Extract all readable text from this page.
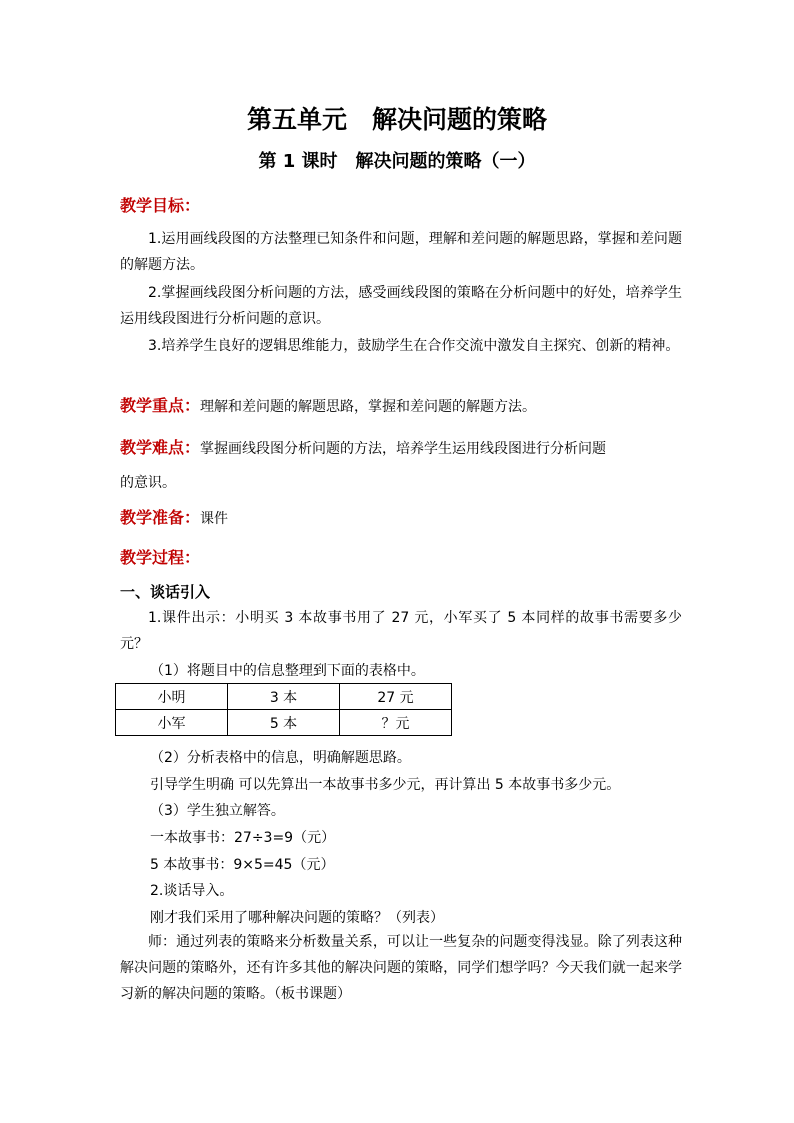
第五单元　解决问题的策略
第 1 课时　解决问题的策略（一）
教学目标：
1.运用画线段图的方法整理已知条件和问题，理解和差问题的解题思路，掌握和差问题的解题方法。
2.掌握画线段图分析问题的方法，感受画线段图的策略在分析问题中的好处，培养学生运用线段图进行分析问题的意识。
3.培养学生良好的逻辑思维能力，鼓励学生在合作交流中激发自主探究、创新的精神。
教学重点：理解和差问题的解题思路，掌握和差问题的解题方法。
教学难点：掌握画线段图分析问题的方法，培养学生运用线段图进行分析问题
的意识。
教学准备：课件
教学过程：
一、谈话引入
1.课件出示：小明买 3 本故事书用了 27 元，小军买了 5 本同样的故事书需要多少元？
（1）将题目中的信息整理到下面的表格中。
小明	3 本	27 元
小军	5 本	？元
（2）分析表格中的信息，明确解题思路。
引导学生明确 可以先算出一本故事书多少元，再计算出 5 本故事书多少元。
（3）学生独立解答。
一本故事书：27÷3=9（元）
5 本故事书：9×5=45（元）
2.谈话导入。
刚才我们采用了哪种解决问题的策略？（列表）
师：通过列表的策略来分析数量关系，可以让一些复杂的问题变得浅显。除了列表这种解决问题的策略外，还有许多其他的解决问题的策略，同学们想学吗？今天我们就一起来学习新的解决问题的策略。（板书课题）
